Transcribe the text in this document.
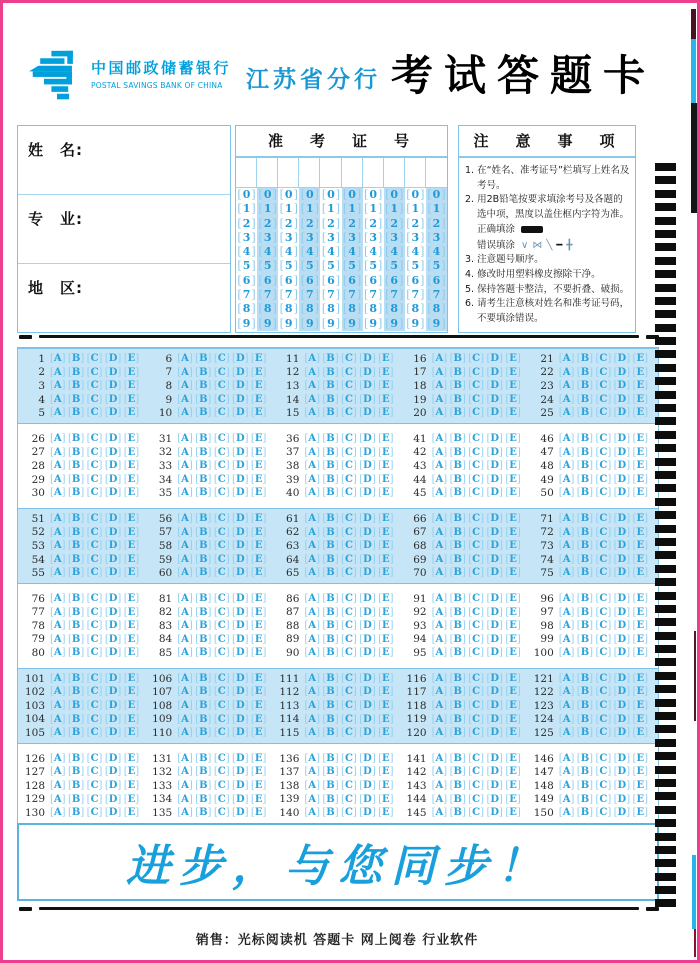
中国邮政储蓄银行
POSTAL SAVINGS BANK OF CHINA	江苏省分行 考试答题卡
姓　名:
专　业:
地　区:
准　考　证　号
[ 0 ]	[ 0 ]	[ 0 ]	[ 0 ]	[ 0 ]	[ 0 ]	[ 0 ]	[ 0 ]	[ 0 ]	[ 0 ]
[ 1 ]	[ 1 ]	[ 1 ]	[ 1 ]	[ 1 ]	[ 1 ]	[ 1 ]	[ 1 ]	[ 1 ]	[ 1 ]
[ 2 ]	[ 2 ]	[ 2 ]	[ 2 ]	[ 2 ]	[ 2 ]	[ 2 ]	[ 2 ]	[ 2 ]	[ 2 ]
[ 3 ]	[ 3 ]	[ 3 ]	[ 3 ]	[ 3 ]	[ 3 ]	[ 3 ]	[ 3 ]	[ 3 ]	[ 3 ]
[ 4 ]	[ 4 ]	[ 4 ]	[ 4 ]	[ 4 ]	[ 4 ]	[ 4 ]	[ 4 ]	[ 4 ]	[ 4 ]
[ 5 ]	[ 5 ]	[ 5 ]	[ 5 ]	[ 5 ]	[ 5 ]	[ 5 ]	[ 5 ]	[ 5 ]	[ 5 ]
[ 6 ]	[ 6 ]	[ 6 ]	[ 6 ]	[ 6 ]	[ 6 ]	[ 6 ]	[ 6 ]	[ 6 ]	[ 6 ]
[ 7 ]	[ 7 ]	[ 7 ]	[ 7 ]	[ 7 ]	[ 7 ]	[ 7 ]	[ 7 ]	[ 7 ]	[ 7 ]
[ 8 ]	[ 8 ]	[ 8 ]	[ 8 ]	[ 8 ]	[ 8 ]	[ 8 ]	[ 8 ]	[ 8 ]	[ 8 ]
[ 9 ]	[ 9 ]	[ 9 ]	[ 9 ]	[ 9 ]	[ 9 ]	[ 9 ]	[ 9 ]	[ 9 ]	[ 9 ]
注　意　事　项
1. 在“姓名、准考证号”栏填写上姓名及考号。
2. 用2B铅笔按要求填涂考号及各题的选中项，黑度以盖住框内字符为准。
正确填涂
错误填涂 ∨⋈╲━╋
3. 注意题号顺序。
4. 修改时用塑料橡皮擦除干净。
5. 保持答题卡整洁，不要折叠、破损。
6. 请考生注意核对姓名和准考证号码，不要填涂错误。
1 [ A ]	[ B ]	[ C ]	[ D ]	[ E ]	6 [ A ]	[ B ]	[ C ]	[ D ]	[ E ]	11 [ A ]	[ B ]	[ C ]	[ D ]	[ E ]	16 [ A ]	[ B ]	[ C ]	[ D ]	[ E ]	21 [ A ]	[ B ]	[ C ]	[ D ]	[ E ]
2 [ A ]	[ B ]	[ C ]	[ D ]	[ E ]	7 [ A ]	[ B ]	[ C ]	[ D ]	[ E ]	12 [ A ]	[ B ]	[ C ]	[ D ]	[ E ]	17 [ A ]	[ B ]	[ C ]	[ D ]	[ E ]	22 [ A ]	[ B ]	[ C ]	[ D ]	[ E ]
3 [ A ]	[ B ]	[ C ]	[ D ]	[ E ]	8 [ A ]	[ B ]	[ C ]	[ D ]	[ E ]	13 [ A ]	[ B ]	[ C ]	[ D ]	[ E ]	18 [ A ]	[ B ]	[ C ]	[ D ]	[ E ]	23 [ A ]	[ B ]	[ C ]	[ D ]	[ E ]
4 [ A ]	[ B ]	[ C ]	[ D ]	[ E ]	9 [ A ]	[ B ]	[ C ]	[ D ]	[ E ]	14 [ A ]	[ B ]	[ C ]	[ D ]	[ E ]	19 [ A ]	[ B ]	[ C ]	[ D ]	[ E ]	24 [ A ]	[ B ]	[ C ]	[ D ]	[ E ]
5 [ A ]	[ B ]	[ C ]	[ D ]	[ E ]	10 [ A ]	[ B ]	[ C ]	[ D ]	[ E ]	15 [ A ]	[ B ]	[ C ]	[ D ]	[ E ]	20 [ A ]	[ B ]	[ C ]	[ D ]	[ E ]	25 [ A ]	[ B ]	[ C ]	[ D ]	[ E ]
26 [ A ]	[ B ]	[ C ]	[ D ]	[ E ]	31 [ A ]	[ B ]	[ C ]	[ D ]	[ E ]	36 [ A ]	[ B ]	[ C ]	[ D ]	[ E ]	41 [ A ]	[ B ]	[ C ]	[ D ]	[ E ]	46 [ A ]	[ B ]	[ C ]	[ D ]	[ E ]
27 [ A ]	[ B ]	[ C ]	[ D ]	[ E ]	32 [ A ]	[ B ]	[ C ]	[ D ]	[ E ]	37 [ A ]	[ B ]	[ C ]	[ D ]	[ E ]	42 [ A ]	[ B ]	[ C ]	[ D ]	[ E ]	47 [ A ]	[ B ]	[ C ]	[ D ]	[ E ]
28 [ A ]	[ B ]	[ C ]	[ D ]	[ E ]	33 [ A ]	[ B ]	[ C ]	[ D ]	[ E ]	38 [ A ]	[ B ]	[ C ]	[ D ]	[ E ]	43 [ A ]	[ B ]	[ C ]	[ D ]	[ E ]	48 [ A ]	[ B ]	[ C ]	[ D ]	[ E ]
29 [ A ]	[ B ]	[ C ]	[ D ]	[ E ]	34 [ A ]	[ B ]	[ C ]	[ D ]	[ E ]	39 [ A ]	[ B ]	[ C ]	[ D ]	[ E ]	44 [ A ]	[ B ]	[ C ]	[ D ]	[ E ]	49 [ A ]	[ B ]	[ C ]	[ D ]	[ E ]
30 [ A ]	[ B ]	[ C ]	[ D ]	[ E ]	35 [ A ]	[ B ]	[ C ]	[ D ]	[ E ]	40 [ A ]	[ B ]	[ C ]	[ D ]	[ E ]	45 [ A ]	[ B ]	[ C ]	[ D ]	[ E ]	50 [ A ]	[ B ]	[ C ]	[ D ]	[ E ]
51 [ A ]	[ B ]	[ C ]	[ D ]	[ E ]	56 [ A ]	[ B ]	[ C ]	[ D ]	[ E ]	61 [ A ]	[ B ]	[ C ]	[ D ]	[ E ]	66 [ A ]	[ B ]	[ C ]	[ D ]	[ E ]	71 [ A ]	[ B ]	[ C ]	[ D ]	[ E ]
52 [ A ]	[ B ]	[ C ]	[ D ]	[ E ]	57 [ A ]	[ B ]	[ C ]	[ D ]	[ E ]	62 [ A ]	[ B ]	[ C ]	[ D ]	[ E ]	67 [ A ]	[ B ]	[ C ]	[ D ]	[ E ]	72 [ A ]	[ B ]	[ C ]	[ D ]	[ E ]
53 [ A ]	[ B ]	[ C ]	[ D ]	[ E ]	58 [ A ]	[ B ]	[ C ]	[ D ]	[ E ]	63 [ A ]	[ B ]	[ C ]	[ D ]	[ E ]	68 [ A ]	[ B ]	[ C ]	[ D ]	[ E ]	73 [ A ]	[ B ]	[ C ]	[ D ]	[ E ]
54 [ A ]	[ B ]	[ C ]	[ D ]	[ E ]	59 [ A ]	[ B ]	[ C ]	[ D ]	[ E ]	64 [ A ]	[ B ]	[ C ]	[ D ]	[ E ]	69 [ A ]	[ B ]	[ C ]	[ D ]	[ E ]	74 [ A ]	[ B ]	[ C ]	[ D ]	[ E ]
55 [ A ]	[ B ]	[ C ]	[ D ]	[ E ]	60 [ A ]	[ B ]	[ C ]	[ D ]	[ E ]	65 [ A ]	[ B ]	[ C ]	[ D ]	[ E ]	70 [ A ]	[ B ]	[ C ]	[ D ]	[ E ]	75 [ A ]	[ B ]	[ C ]	[ D ]	[ E ]
76 [ A ]	[ B ]	[ C ]	[ D ]	[ E ]	81 [ A ]	[ B ]	[ C ]	[ D ]	[ E ]	86 [ A ]	[ B ]	[ C ]	[ D ]	[ E ]	91 [ A ]	[ B ]	[ C ]	[ D ]	[ E ]	96 [ A ]	[ B ]	[ C ]	[ D ]	[ E ]
77 [ A ]	[ B ]	[ C ]	[ D ]	[ E ]	82 [ A ]	[ B ]	[ C ]	[ D ]	[ E ]	87 [ A ]	[ B ]	[ C ]	[ D ]	[ E ]	92 [ A ]	[ B ]	[ C ]	[ D ]	[ E ]	97 [ A ]	[ B ]	[ C ]	[ D ]	[ E ]
78 [ A ]	[ B ]	[ C ]	[ D ]	[ E ]	83 [ A ]	[ B ]	[ C ]	[ D ]	[ E ]	88 [ A ]	[ B ]	[ C ]	[ D ]	[ E ]	93 [ A ]	[ B ]	[ C ]	[ D ]	[ E ]	98 [ A ]	[ B ]	[ C ]	[ D ]	[ E ]
79 [ A ]	[ B ]	[ C ]	[ D ]	[ E ]	84 [ A ]	[ B ]	[ C ]	[ D ]	[ E ]	89 [ A ]	[ B ]	[ C ]	[ D ]	[ E ]	94 [ A ]	[ B ]	[ C ]	[ D ]	[ E ]	99 [ A ]	[ B ]	[ C ]	[ D ]	[ E ]
80 [ A ]	[ B ]	[ C ]	[ D ]	[ E ]	85 [ A ]	[ B ]	[ C ]	[ D ]	[ E ]	90 [ A ]	[ B ]	[ C ]	[ D ]	[ E ]	95 [ A ]	[ B ]	[ C ]	[ D ]	[ E ]	100 [ A ]	[ B ]	[ C ]	[ D ]	[ E ]
101 [ A ]	[ B ]	[ C ]	[ D ]	[ E ]	106 [ A ]	[ B ]	[ C ]	[ D ]	[ E ]	111 [ A ]	[ B ]	[ C ]	[ D ]	[ E ]	116 [ A ]	[ B ]	[ C ]	[ D ]	[ E ]	121 [ A ]	[ B ]	[ C ]	[ D ]	[ E ]
102 [ A ]	[ B ]	[ C ]	[ D ]	[ E ]	107 [ A ]	[ B ]	[ C ]	[ D ]	[ E ]	112 [ A ]	[ B ]	[ C ]	[ D ]	[ E ]	117 [ A ]	[ B ]	[ C ]	[ D ]	[ E ]	122 [ A ]	[ B ]	[ C ]	[ D ]	[ E ]
103 [ A ]	[ B ]	[ C ]	[ D ]	[ E ]	108 [ A ]	[ B ]	[ C ]	[ D ]	[ E ]	113 [ A ]	[ B ]	[ C ]	[ D ]	[ E ]	118 [ A ]	[ B ]	[ C ]	[ D ]	[ E ]	123 [ A ]	[ B ]	[ C ]	[ D ]	[ E ]
104 [ A ]	[ B ]	[ C ]	[ D ]	[ E ]	109 [ A ]	[ B ]	[ C ]	[ D ]	[ E ]	114 [ A ]	[ B ]	[ C ]	[ D ]	[ E ]	119 [ A ]	[ B ]	[ C ]	[ D ]	[ E ]	124 [ A ]	[ B ]	[ C ]	[ D ]	[ E ]
105 [ A ]	[ B ]	[ C ]	[ D ]	[ E ]	110 [ A ]	[ B ]	[ C ]	[ D ]	[ E ]	115 [ A ]	[ B ]	[ C ]	[ D ]	[ E ]	120 [ A ]	[ B ]	[ C ]	[ D ]	[ E ]	125 [ A ]	[ B ]	[ C ]	[ D ]	[ E ]
126 [ A ]	[ B ]	[ C ]	[ D ]	[ E ]	131 [ A ]	[ B ]	[ C ]	[ D ]	[ E ]	136 [ A ]	[ B ]	[ C ]	[ D ]	[ E ]	141 [ A ]	[ B ]	[ C ]	[ D ]	[ E ]	146 [ A ]	[ B ]	[ C ]	[ D ]	[ E ]
127 [ A ]	[ B ]	[ C ]	[ D ]	[ E ]	132 [ A ]	[ B ]	[ C ]	[ D ]	[ E ]	137 [ A ]	[ B ]	[ C ]	[ D ]	[ E ]	142 [ A ]	[ B ]	[ C ]	[ D ]	[ E ]	147 [ A ]	[ B ]	[ C ]	[ D ]	[ E ]
128 [ A ]	[ B ]	[ C ]	[ D ]	[ E ]	133 [ A ]	[ B ]	[ C ]	[ D ]	[ E ]	138 [ A ]	[ B ]	[ C ]	[ D ]	[ E ]	143 [ A ]	[ B ]	[ C ]	[ D ]	[ E ]	148 [ A ]	[ B ]	[ C ]	[ D ]	[ E ]
129 [ A ]	[ B ]	[ C ]	[ D ]	[ E ]	134 [ A ]	[ B ]	[ C ]	[ D ]	[ E ]	139 [ A ]	[ B ]	[ C ]	[ D ]	[ E ]	144 [ A ]	[ B ]	[ C ]	[ D ]	[ E ]	149 [ A ]	[ B ]	[ C ]	[ D ]	[ E ]
130 [ A ]	[ B ]	[ C ]	[ D ]	[ E ]	135 [ A ]	[ B ]	[ C ]	[ D ]	[ E ]	140 [ A ]	[ B ]	[ C ]	[ D ]	[ E ]	145 [ A ]	[ B ]	[ C ]	[ D ]	[ E ]	150 [ A ]	[ B ]	[ C ]	[ D ]	[ E ]
进步，与您同步！
销售：光标阅读机 答题卡 网上阅卷 行业软件
